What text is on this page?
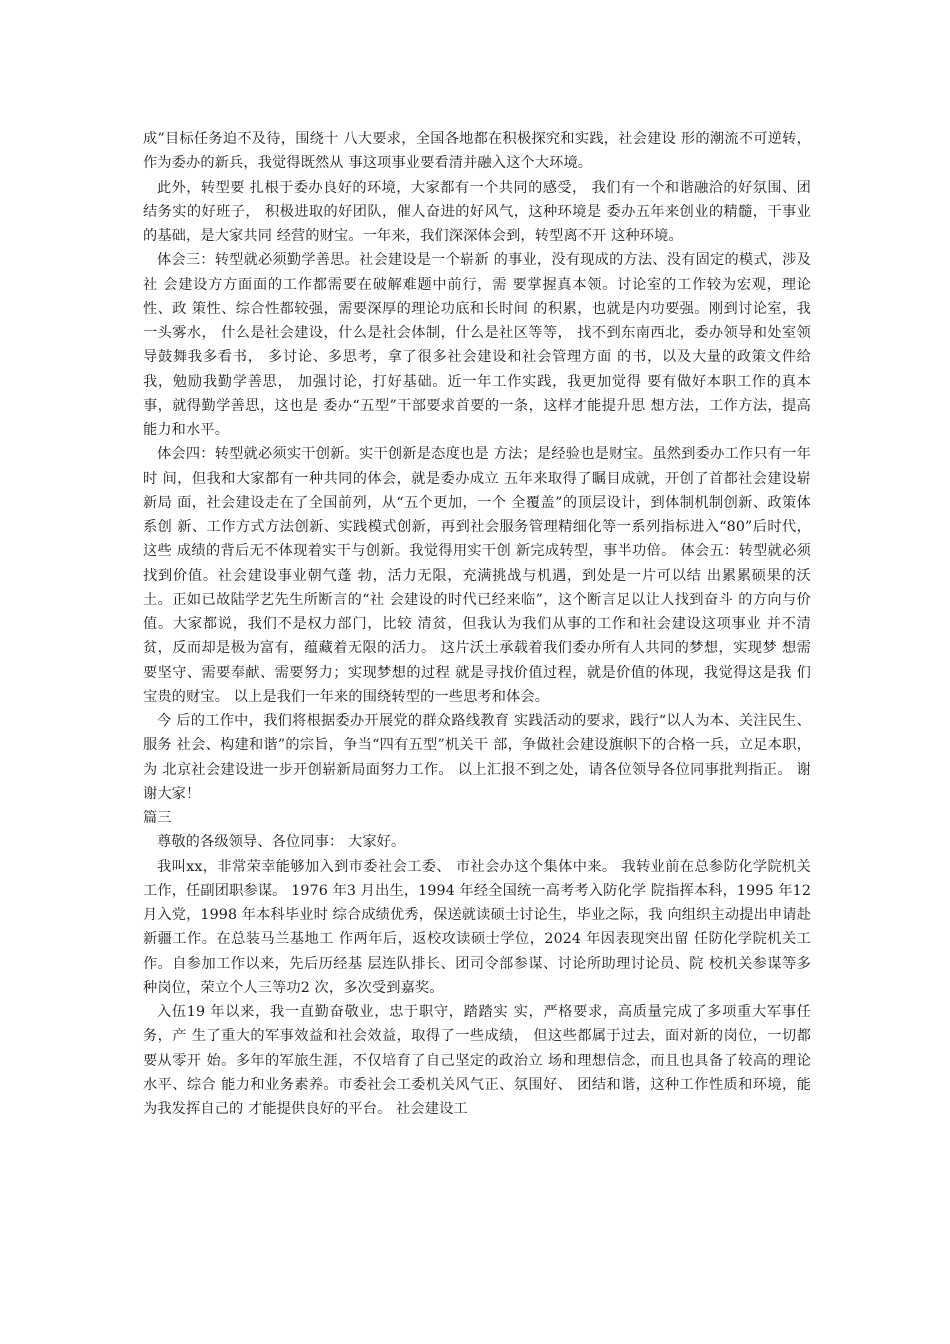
成”目标任务迫不及待，围绕十 八大要求，全国各地都在积极探究和实践，社会建设 形的潮流不可逆转，作为委办的新兵，我觉得既然从 事这项事业要看清并融入这个大环境。

此外，转型要 扎根于委办良好的环境，大家都有一个共同的感受， 我们有一个和谐融洽的好氛围、团结务实的好班子， 积极进取的好团队，催人奋进的好风气，这种环境是 委办五年来创业的精髓，干事业的基础，是大家共同 经营的财宝。一年来，我们深深体会到，转型离不开 这种环境。

体会三：转型就必须勤学善思。社会建设是一个崭新 的事业，没有现成的方法、没有固定的模式，涉及社 会建设方方面面的工作都需要在破解难题中前行，需 要掌握真本领。讨论室的工作较为宏观，理论性、政 策性、综合性都较强，需要深厚的理论功底和长时间 的积累，也就是内功要强。刚到讨论室，我一头雾水， 什么是社会建设，什么是社会体制，什么是社区等等， 找不到东南西北，委办领导和处室领导鼓舞我多看书， 多讨论、多思考，拿了很多社会建设和社会管理方面 的书，以及大量的政策文件给我，勉励我勤学善思， 加强讨论，打好基础。近一年工作实践，我更加觉得 要有做好本职工作的真本事，就得勤学善思，这也是 委办“五型”干部要求首要的一条，这样才能提升思 想方法，工作方法，提高能力和水平。

体会四：转型就必须实干创新。实干创新是态度也是 方法；是经验也是财宝。虽然到委办工作只有一年时 间，但我和大家都有一种共同的体会，就是委办成立 五年来取得了瞩目成就，开创了首都社会建设崭新局 面，社会建设走在了全国前列，从“五个更加，一个 全覆盖”的顶层设计，到体制机制创新、政策体系创 新、工作方式方法创新、实践模式创新，再到社会服务管理精细化等一系列指标进入“80”后时代，这些 成绩的背后无不体现着实干与创新。我觉得用实干创 新完成转型，事半功倍。 体会五：转型就必须找到价值。社会建设事业朝气蓬 勃，活力无限，充满挑战与机遇，到处是一片可以结 出累累硕果的沃土。正如已故陆学艺先生所断言的“社 会建设的时代已经来临”，这个断言足以让人找到奋斗 的方向与价值。大家都说，我们不是权力部门，比较 清贫，但我认为我们从事的工作和社会建设这项事业 并不清贫，反而却是极为富有，蕴藏着无限的活力。 这片沃土承载着我们委办所有人共同的梦想，实现梦 想需要坚守、需要奉献、需要努力；实现梦想的过程 就是寻找价值过程，就是价值的体现，我觉得这是我 们宝贵的财宝。 以上是我们一年来的围绕转型的一些思考和体会。

今 后的工作中，我们将根据委办开展党的群众路线教育 实践活动的要求，践行“以人为本、关注民生、服务 社会、构建和谐”的宗旨，争当“四有五型”机关干 部，争做社会建设旗帜下的合格一兵，立足本职，为 北京社会建设进一步开创崭新局面努力工作。 以上汇报不到之处，请各位领导各位同事批判指正。 谢谢大家！

篇三

尊敬的各级领导、各位同事： 大家好。

我叫xx，非常荣幸能够加入到市委社会工委、 市社会办这个集体中来。 我转业前在总参防化学院机关工作，任副团职参谋。 1976 年3 月出生，1994 年经全国统一高考考入防化学 院指挥本科，1995 年12 月入党，1998 年本科毕业时 综合成绩优秀，保送就读硕士讨论生，毕业之际，我 向组织主动提出申请赴新疆工作。在总装马兰基地工 作两年后，返校攻读硕士学位，2024 年因表现突出留 任防化学院机关工作。自参加工作以来，先后历经基 层连队排长、团司令部参谋、讨论所助理讨论员、院 校机关参谋等多种岗位，荣立个人三等功2 次，多次受到嘉奖。

入伍19 年以来，我一直勤奋敬业，忠于职守，踏踏实 实，严格要求，高质量完成了多项重大军事任务，产 生了重大的军事效益和社会效益，取得了一些成绩， 但这些都属于过去，面对新的岗位，一切都要从零开 始。多年的军旅生涯，不仅培育了自己坚定的政治立 场和理想信念，而且也具备了较高的理论水平、综合 能力和业务素养。市委社会工委机关风气正、氛围好、 团结和谐，这种工作性质和环境，能为我发挥自己的 才能提供良好的平台。 社会建设工
